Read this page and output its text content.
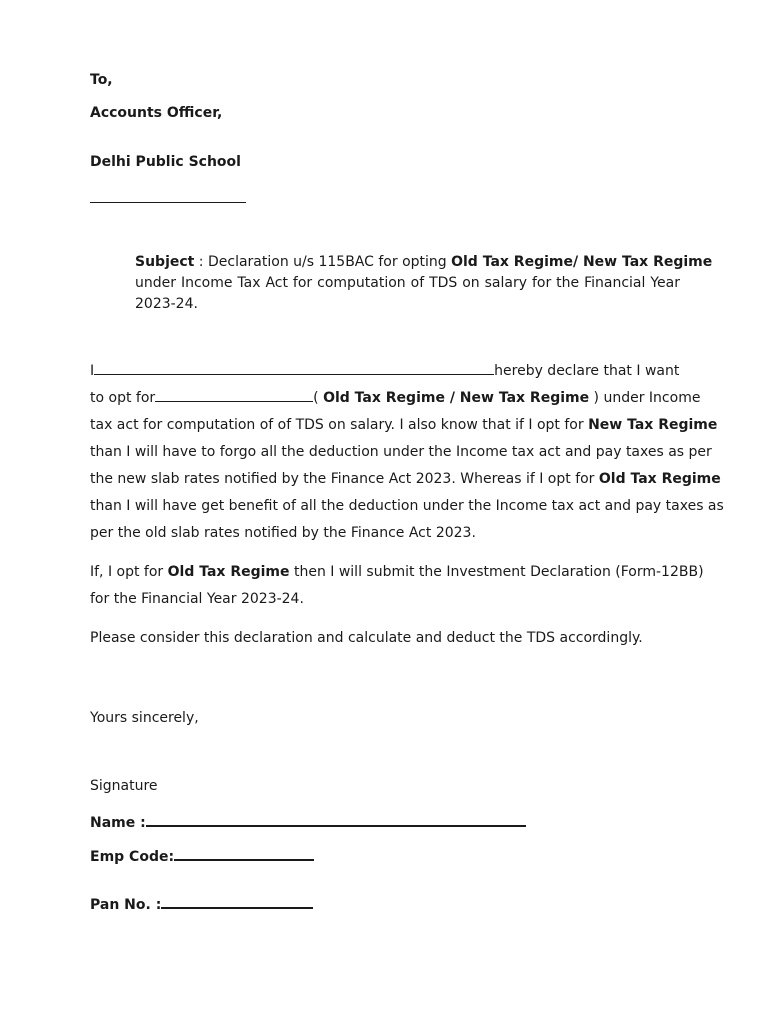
To,
Accounts Officer,
Delhi Public School
Subject : Declaration u/s 115BAC for opting Old Tax Regime/ New Tax Regime
under Income Tax Act for computation of TDS on salary for the Financial Year
2023-24.
I	hereby declare that I want
to opt for	( Old Tax Regime / New Tax Regime ) under Income
tax act for computation of of TDS on salary. I also know that if I opt for New Tax Regime
than I will have to forgo all the deduction under the Income tax act and pay taxes as per
the new slab rates notified by the Finance Act 2023. Whereas if I opt for Old Tax Regime
than I will have get benefit of all the deduction under the Income tax act and pay taxes as
per the old slab rates notified by the Finance Act 2023.
If, I opt for Old Tax Regime then I will submit the Investment Declaration (Form-12BB)
for the Financial Year 2023-24.
Please consider this declaration and calculate and deduct the TDS accordingly.
Yours sincerely,
Signature
Name :
Emp Code:
Pan No. :
